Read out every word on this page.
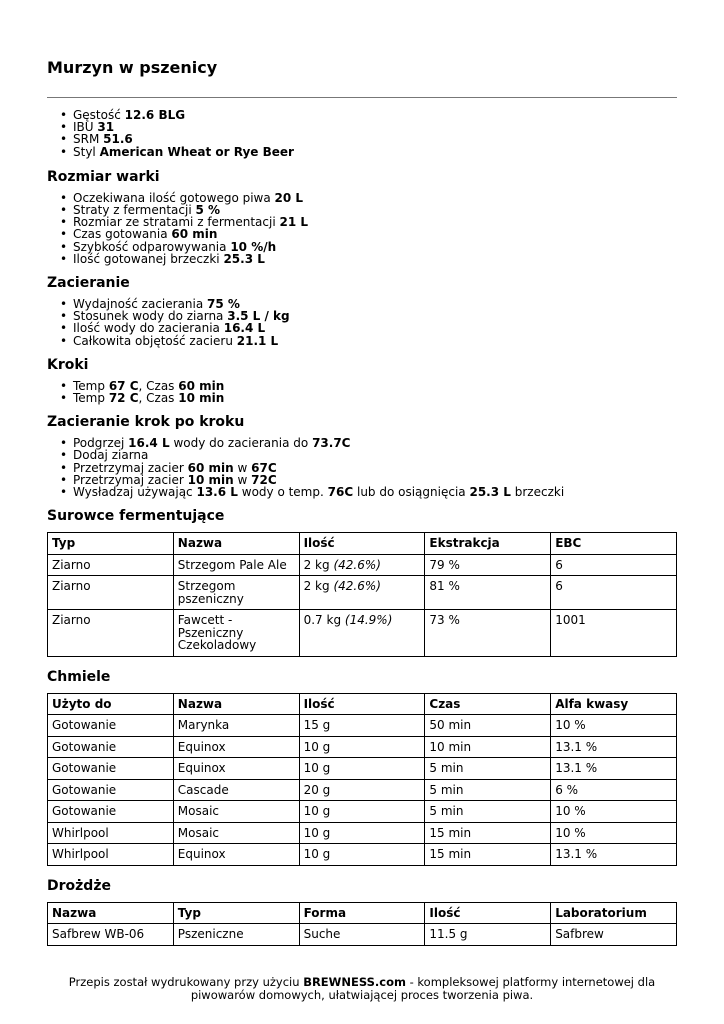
Murzyn w pszenicy
• Gęstość 12.6 BLG
• IBU 31
• SRM 51.6
• Styl American Wheat or Rye Beer
Rozmiar warki
• Oczekiwana ilość gotowego piwa 20 L
• Straty z fermentacji 5 %
• Rozmiar ze stratami z fermentacji 21 L
• Czas gotowania 60 min
• Szybkość odparowywania 10 %/h
• Ilość gotowanej brzeczki 25.3 L
Zacieranie
• Wydajność zacierania 75 %
• Stosunek wody do ziarna 3.5 L / kg
• Ilość wody do zacierania 16.4 L
• Całkowita objętość zacieru 21.1 L
Kroki
• Temp 67 C, Czas 60 min
• Temp 72 C, Czas 10 min
Zacieranie krok po kroku
• Podgrzej 16.4 L wody do zacierania do 73.7C
• Dodaj ziarna
• Przetrzymaj zacier 60 min w 67C
• Przetrzymaj zacier 10 min w 72C
• Wysładzaj używając 13.6 L wody o temp. 76C lub do osiągnięcia 25.3 L brzeczki
Surowce fermentujące
Typ	Nazwa	Ilość	Ekstrakcja	EBC
Ziarno	Strzegom Pale Ale	2 kg (42.6%)	79 %	6
Ziarno	Strzegom pszeniczny	2 kg (42.6%)	81 %	6
Ziarno	Fawcett - Pszeniczny Czekoladowy	0.7 kg (14.9%)	73 %	1001
Chmiele
Użyto do	Nazwa	Ilość	Czas	Alfa kwasy
Gotowanie	Marynka	15 g	50 min	10 %
Gotowanie	Equinox	10 g	10 min	13.1 %
Gotowanie	Equinox	10 g	5 min	13.1 %
Gotowanie	Cascade	20 g	5 min	6 %
Gotowanie	Mosaic	10 g	5 min	10 %
Whirlpool	Mosaic	10 g	15 min	10 %
Whirlpool	Equinox	10 g	15 min	13.1 %
Drożdże
Nazwa	Typ	Forma	Ilość	Laboratorium
Safbrew WB-06	Pszeniczne	Suche	11.5 g	Safbrew
Przepis został wydrukowany przy użyciu BREWNESS.com - kompleksowej platformy internetowej dla piwowarów domowych, ułatwiającej proces tworzenia piwa.
